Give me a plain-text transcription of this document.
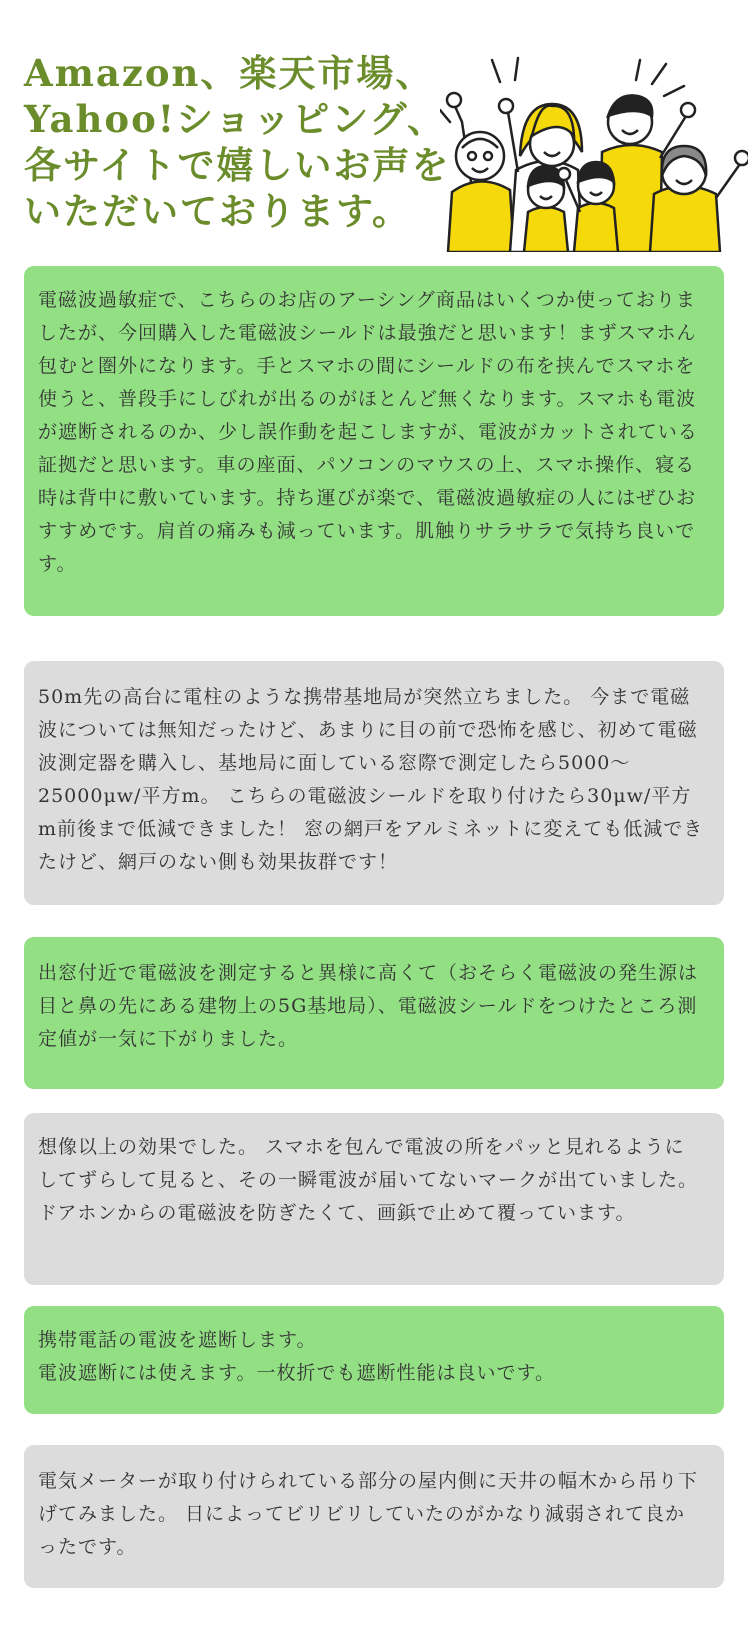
Amazon、楽天市場、
Yahoo!ショッピング、
各サイトで嬉しいお声を
いただいております。

電磁波過敏症で、こちらのお店のアーシング商品はいくつか使っておりましたが、今回購入した電磁波シールドは最強だと思います！まずスマホん包むと圏外になります。手とスマホの間にシールドの布を挟んでスマホを使うと、普段手にしびれが出るのがほとんど無くなります。スマホも電波が遮断されるのか、少し誤作動を起こしますが、電波がカットされている証拠だと思います。車の座面、パソコンのマウスの上、スマホ操作、寝る時は背中に敷いています。持ち運びが楽で、電磁波過敏症の人にはぜひおすすめです。肩首の痛みも減っています。肌触りサラサラで気持ち良いです。

50m先の高台に電柱のような携帯基地局が突然立ちました。 今まで電磁波については無知だったけど、あまりに目の前で恐怖を感じ、初めて電磁波測定器を購入し、基地局に面している窓際で測定したら5000〜25000μw/平方m。 こちらの電磁波シールドを取り付けたら30μw/平方m前後まで低減できました！ 窓の網戸をアルミネットに変えても低減できたけど、網戸のない側も効果抜群です！

出窓付近で電磁波を測定すると異様に高くて（おそらく電磁波の発生源は目と鼻の先にある建物上の5G基地局）、電磁波シールドをつけたところ測定値が一気に下がりました。

想像以上の効果でした。 スマホを包んで電波の所をパッと見れるようにしてずらして見ると、その一瞬電波が届いてないマークが出ていました。 ドアホンからの電磁波を防ぎたくて、画鋲で止めて覆っています。

携帯電話の電波を遮断します。
電波遮断には使えます。一枚折でも遮断性能は良いです。

電気メーターが取り付けられている部分の屋内側に天井の幅木から吊り下げてみました。 日によってビリビリしていたのがかなり減弱されて良かったです。
